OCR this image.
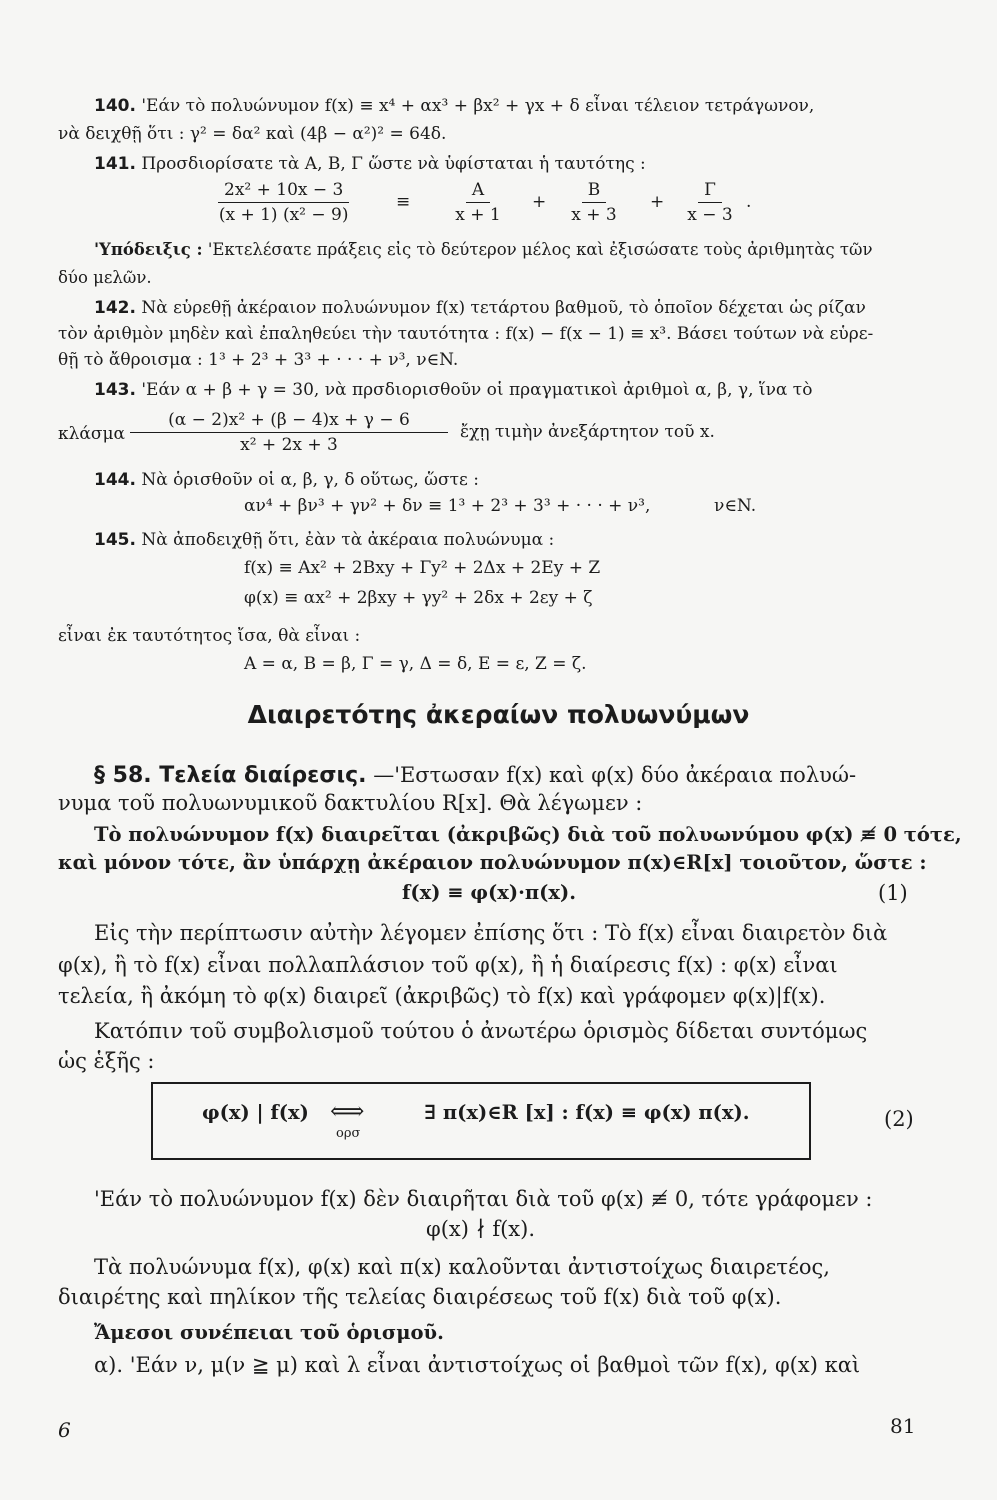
140. 'Εάν τὸ πολυώνυμον f(x) ≡ x⁴ + αx³ + βx² + γx + δ εἶναι τέλειον τετράγωνον,
νὰ δειχθῇ ὅτι : γ² = δα² καὶ (4β − α²)² = 64δ.
141. Προσδιορίσατε τὰ Α, Β, Γ ὥστε νὰ ὑφίσταται ἡ ταυτότης :
$\frac{\text{2x² + 10x − 3}}{\text{(x + 1) (x² − 9)}}$	≡ $\frac{A}{x + 1} + \frac{B}{x + 3} + \frac{\Gamma}{x - 3}$ .
'Υπόδειξις : 'Εκτελέσατε πράξεις εἰς τὸ δεύτερον μέλος καὶ ἐξισώσατε τοὺς ἀριθμητὰς τῶν
δύο μελῶν.
142. Νὰ εὑρεθῇ ἀκέραιον πολυώνυμον f(x) τετάρτου βαθμοῦ, τὸ ὁποῖον δέχεται ὡς ρίζαν
τὸν ἀριθμὸν μηδὲν καὶ ἐπαληθεύει τὴν ταυτότητα : f(x) − f(x − 1) ≡ x³. Βάσει τούτων νὰ εὑρε-
θῇ τὸ ἄθροισμα : 1³ + 2³ + 3³ + · · · + ν³, ν∈N.
143. 'Εάν α + β + γ = 30, νὰ πρσδιορισθοῦν οἱ πραγματικοὶ ἀριθμοὶ α, β, γ, ἵνα τὸ
κλάσμα $\frac{\text{(α − 2)x² + (β − 4)x + γ − 6}}{\text{x² + 2x + 3}}$ ἔχῃ τιμὴν ἀνεξάρτητον τοῦ x.
144. Νὰ ὁρισθοῦν οἱ α, β, γ, δ οὕτως, ὥστε :
αν⁴ + βν³ + γν² + δν ≡ 1³ + 2³ + 3³ + · · · + ν³,	ν∈N.
145. Νὰ ἀποδειχθῇ ὅτι, ἐὰν τὰ ἀκέραια πολυώνυμα :
f(x) ≡ Ax² + 2Bxy + Γy² + 2Δx + 2Ey + Z
φ(x) ≡ αx² + 2βxy + γy² + 2δx + 2εy + ζ
εἶναι ἐκ ταυτότητος ἴσα, θὰ εἶναι :
A = α, B = β, Γ = γ, Δ = δ, E = ε, Z = ζ.
Διαιρετότης ἀκεραίων πολυωνύμων
§ 58. Τελεία διαίρεσις. —'Εστωσαν f(x) καὶ φ(x) δύο ἀκέραια πολυώ-
νυμα τοῦ πολυωνυμικοῦ δακτυλίου R[x]. Θὰ λέγωμεν :
Τὸ πολυώνυμον f(x) διαιρεῖται (ἀκριβῶς) διὰ τοῦ πολυωνύμου φ(x) ≢ 0 τότε,
καὶ μόνον τότε, ἂν ὑπάρχῃ ἀκέραιον πολυώνυμον π(x)∈R[x] τοιοῦτον, ὥστε :
f(x) ≡ φ(x)·π(x).	(1)
Εἰς τὴν περίπτωσιν αὐτὴν λέγομεν ἐπίσης ὅτι : Τὸ f(x) εἶναι διαιρετὸν διὰ
φ(x), ἢ τὸ f(x) εἶναι πολλαπλάσιον τοῦ φ(x), ἢ ἡ διαίρεσις f(x) : φ(x) εἶναι
τελεία, ἢ ἀκόμη τὸ φ(x) διαιρεῖ (ἀκριβῶς) τὸ f(x) καὶ γράφομεν φ(x)|f(x).
Κατόπιν τοῦ συμβολισμοῦ τούτου ὁ ἀνωτέρω ὁρισμὸς δίδεται συντόμως
ὡς ἑξῆς :
φ(x) | f(x) ⟺
ορσ
∃ π(x)∈R [x] : f(x) ≡ φ(x) π(x).	(2)
'Εάν τὸ πολυώνυμον f(x) δὲν διαιρῆται διὰ τοῦ φ(x) ≢ 0, τότε γράφομεν :
φ(x) ∤ f(x).
Τὰ πολυώνυμα f(x), φ(x) καὶ π(x) καλοῦνται ἀντιστοίχως διαιρετέος,
διαιρέτης καὶ πηλίκον τῆς τελείας διαιρέσεως τοῦ f(x) διὰ τοῦ φ(x).
Ἄμεσοι συνέπειαι τοῦ ὁρισμοῦ.
α). 'Εάν ν, μ(ν ≧ μ) καὶ λ εἶναι ἀντιστοίχως οἱ βαθμοὶ τῶν f(x), φ(x) καὶ
6	81
